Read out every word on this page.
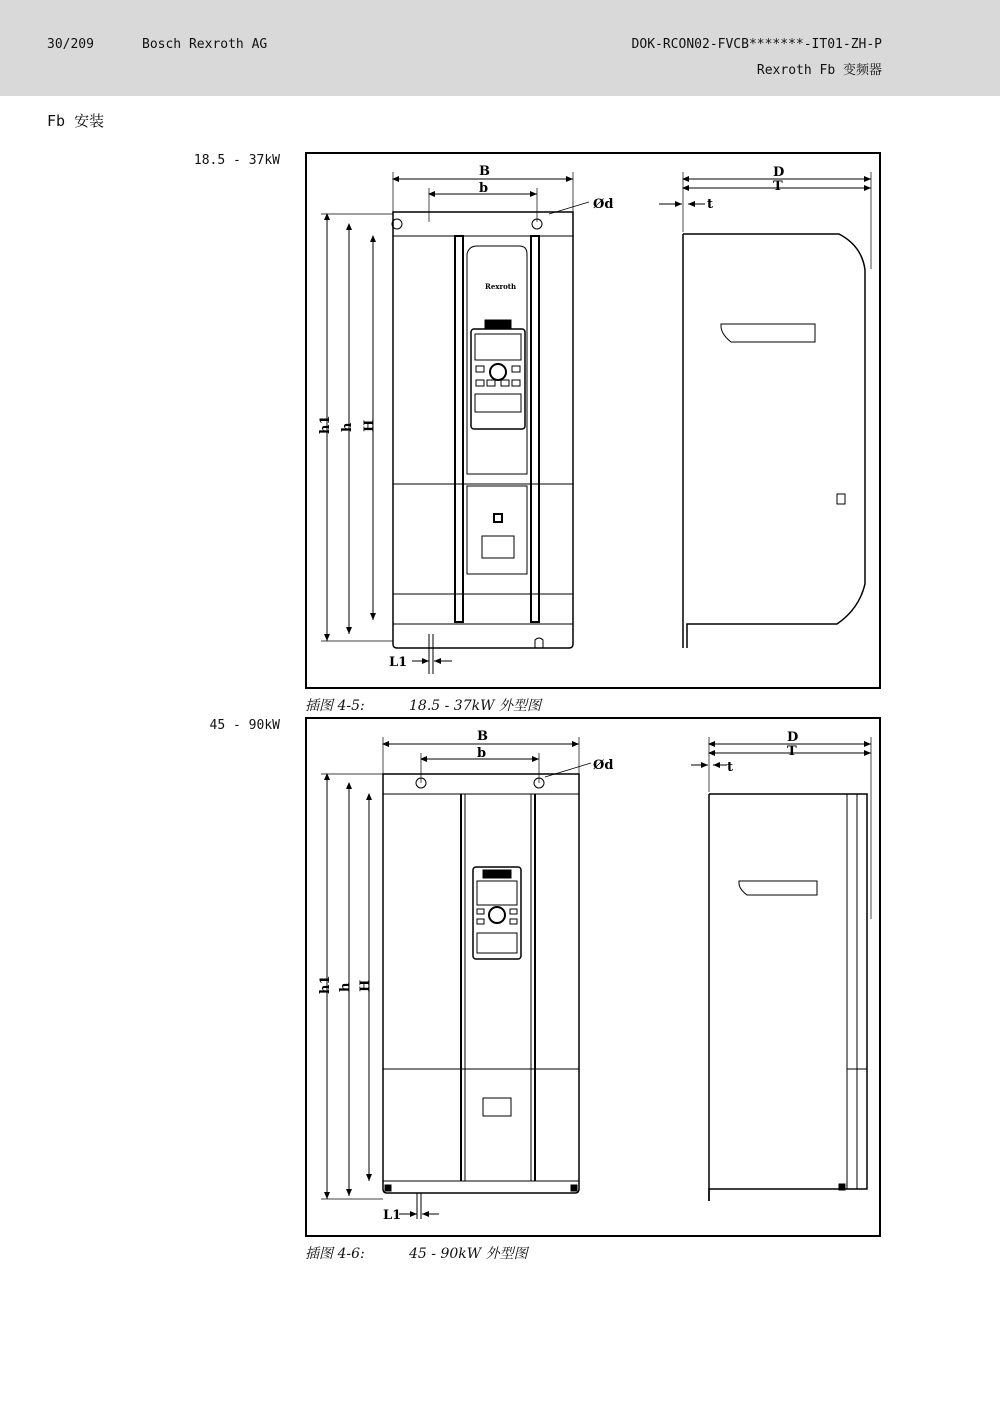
30/209	Bosch Rexroth AG	DOK-RCON02-FVCB*******-IT01-ZH-P
Rexroth Fb 变频器
Fb 安装
18.5 - 37kW
Rexroth
B
b
Ød
D
T
t
L1
h1 h H
插图 4-5:	18.5 - 37kW 外型图
45 - 90kW
B
b
Ød
D
T
t
L1
h1 h H
插图 4-6:	45 - 90kW 外型图
